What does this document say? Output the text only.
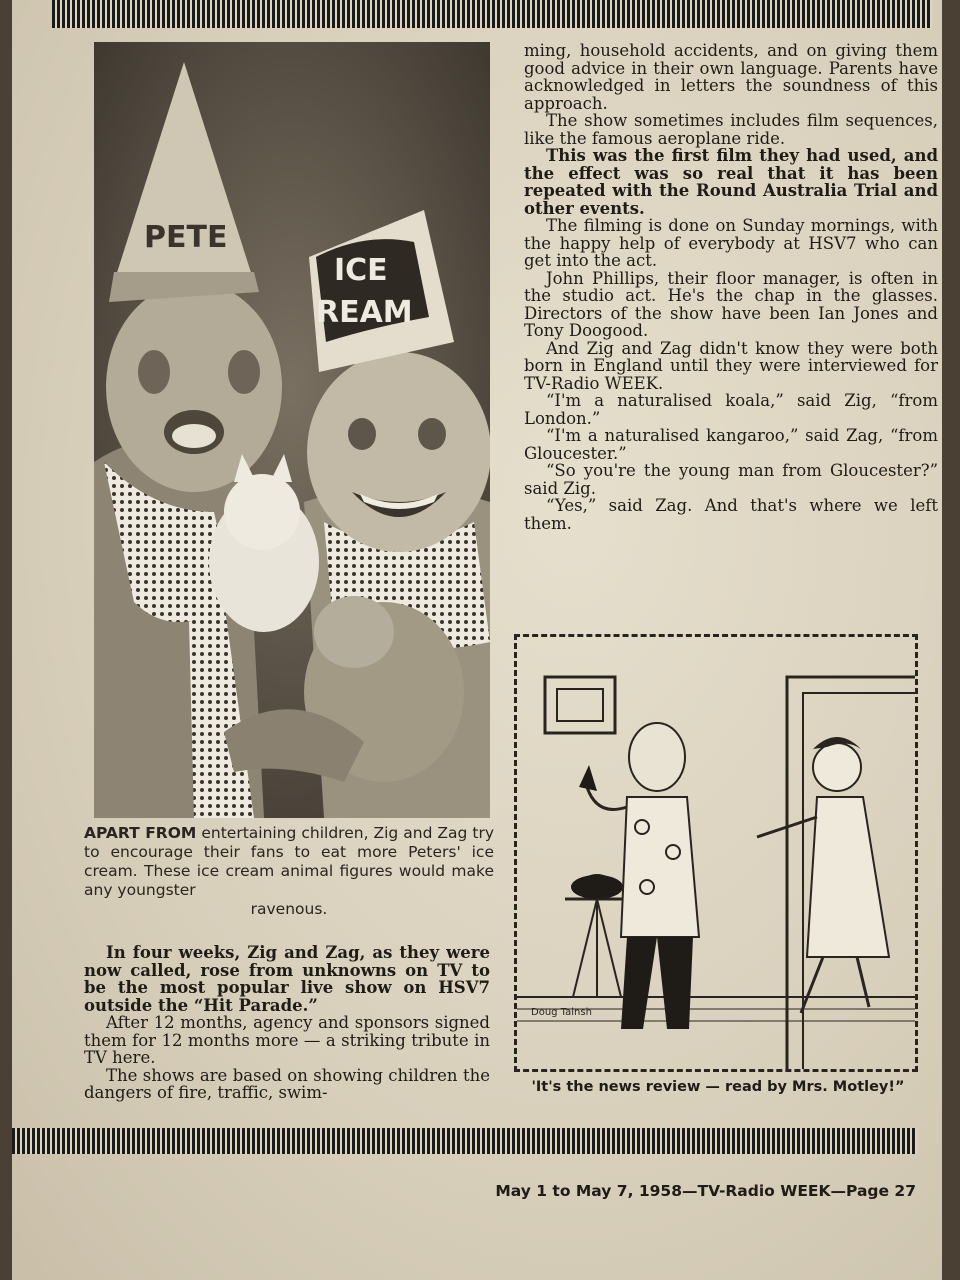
PETE
ICE
REAM
APART FROM entertaining children, Zig and Zag try to encourage their fans to eat more Peters' ice cream. These ice cream animal figures would make any youngster
ravenous.

In four weeks, Zig and Zag, as they were now called, rose from unknowns on TV to be the most popular live show on HSV7 outside the “Hit Parade.”

After 12 months, agency and sponsors signed them for 12 months more — a striking tribute in TV here.

The shows are based on showing children the dangers of fire, traffic, swim-

ming, household accidents, and on giving them good advice in their own language. Parents have acknowledged in letters the soundness of this approach.

The show sometimes includes film sequences, like the famous aeroplane ride.

This was the first film they had used, and the effect was so real that it has been repeated with the Round Australia Trial and other events.

The filming is done on Sunday mornings, with the happy help of everybody at HSV7 who can get into the act.

John Phillips, their floor manager, is often in the studio act. He's the chap in the glasses. Directors of the show have been Ian Jones and Tony Doogood.

And Zig and Zag didn't know they were both born in England until they were interviewed for TV-Radio WEEK.

“I'm a naturalised koala,” said Zig, “from London.”

“I'm a naturalised kangaroo,” said Zag, “from Gloucester.”

“So you're the young man from Gloucester?” said Zig.

“Yes,” said Zag. And that's where we left them.

Doug Tainsh
'It's the news review — read by Mrs. Motley!”
May 1 to May 7, 1958—TV-Radio WEEK—Page 27
